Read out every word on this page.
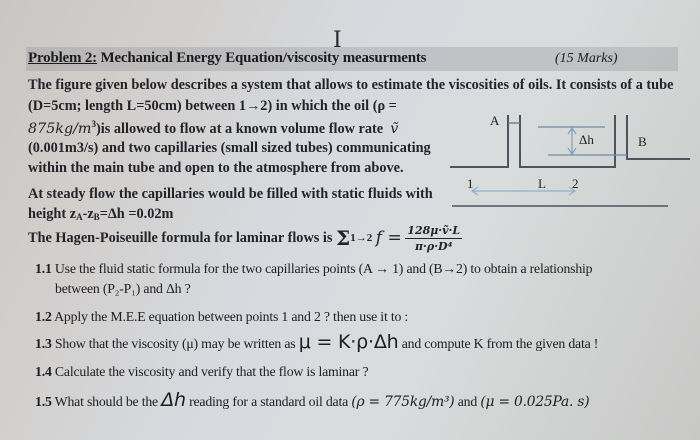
I
Problem 2: Mechanical Energy Equation/viscosity measurments	(15 Marks)
The figure given below describes a system that allows to estimate the viscosities of oils. It consists of a tube
(D=5cm; length L=50cm) between 1→2) in which the oil (ρ =
$875kg/m^3)is$ allowed to flow at a known volume flow rate ṽ
(0.001m3/s) and two capillaries (small sized tubes) communicating
within the main tube and open to the atmosphere from above.
At steady flow the capillaries would be filled with static fluids with
height $z_A-z_B=\Delta h =0.02m$
The Hagen-Poiseuille formula for laminar flows is
Σ 1→2
f =
$\frac{\text{128μ·ṽ·L}}{\text{π·ρ·D⁴}}$
A
Δh	B
1	L 2
1.1 Use the fluid static formula for the two capillaries points (A → 1) and (B→2) to obtain a relationship
between (P₂-P₁) and Δh ?
1.2 Apply the M.E.E equation between points 1 and 2 ? then use it to :
1.3 Show that the viscosity (μ) may be written as μ = K·ρ·Δh and compute K from the given data !
1.4 Calculate the viscosity and verify that the flow is laminar ?
1.5 What should be the Δh reading for a standard oil data (ρ = 775kg/m³) and (μ = 0.025Pa. s)
